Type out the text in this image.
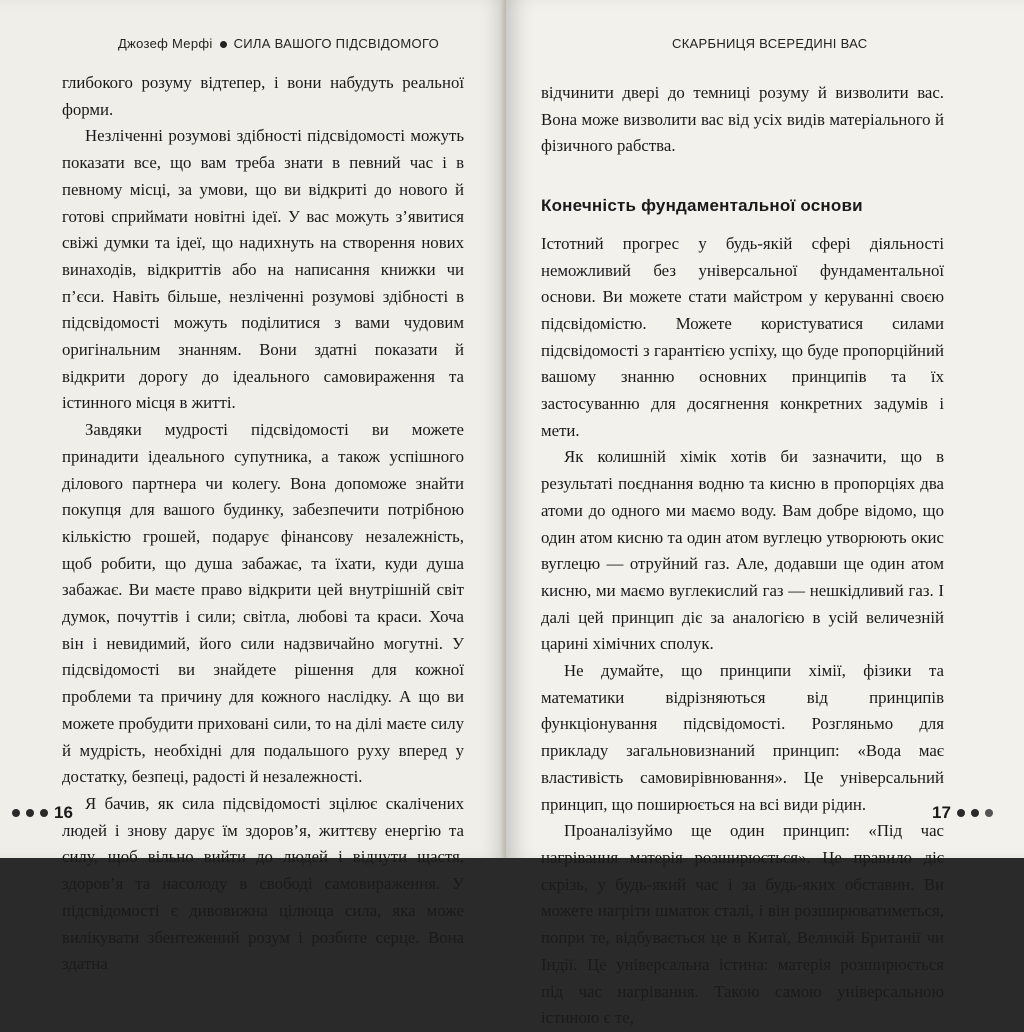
Джозеф Мерфі СИЛА ВАШОГО ПІДСВІДОМОГО

глибокого розуму відтепер, і вони набудуть реальної форми.

Незліченні розумові здібності підсвідомості можуть показати все, що вам треба знати в певний час і в певному місці, за умови, що ви відкриті до нового й готові сприймати новітні ідеї. У вас можуть з’явитися свіжі думки та ідеї, що надихнуть на створення нових винаходів, відкриттів або на написання книжки чи п’єси. Навіть більше, незліченні розумові здібності в підсвідомості можуть поділитися з вами чудовим оригінальним знанням. Вони здатні показати й відкрити дорогу до ідеального самовираження та істинного місця в житті.

Завдяки мудрості підсвідомості ви можете принадити ідеального супутника, а також успішного ділового партнера чи колегу. Вона допоможе знайти покупця для вашого будинку, забезпечити потрібною кількістю грошей, подарує фінансову незалежність, щоб робити, що душа забажає, та їхати, куди душа забажає. Ви маєте право відкрити цей внутрішній світ думок, почуттів і сили; світла, любові та краси. Хоча він і невидимий, його сили надзвичайно могутні. У підсвідомості ви знайдете рішення для кожної проблеми та причину для кожного наслідку. А що ви можете пробудити приховані сили, то на ділі маєте силу й мудрість, необхідні для подальшого руху вперед у достатку, безпеці, радості й незалежності.

Я бачив, як сила підсвідомості зцілює скалічених людей і знову дарує їм здоров’я, життєву енергію та силу, щоб вільно вийти до людей і відчути щастя, здоров’я та насолоду в свободі самовираження. У підсвідомості є дивовижна цілюща сила, яка може вилікувати збентежений розум і розбите серце. Вона здатна

16
СКАРБНИЦЯ ВСЕРЕДИНІ ВАС

відчинити двері до темниці розуму й визволити вас. Вона може визволити вас від усіх видів матеріального й фізичного рабства.

Конечність фундаментальної основи

Істотний прогрес у будь-якій сфері діяльності неможливий без універсальної фундаментальної основи. Ви можете стати майстром у керуванні своєю підсвідомістю. Можете користуватися силами підсвідомості з гарантією успіху, що буде пропорційний вашому знанню основних принципів та їх застосуванню для досягнення конкретних задумів і мети.

Як колишній хімік хотів би зазначити, що в результаті поєднання водню та кисню в пропорціях два атоми до одного ми маємо воду. Вам добре відомо, що один атом кисню та один атом вуглецю утворюють окис вуглецю — отруйний газ. Але, додавши ще один атом кисню, ми маємо вуглекислий газ — нешкідливий газ. І далі цей принцип діє за аналогією в усій величезній царині хімічних сполук.

Не думайте, що принципи хімії, фізики та математики відрізняються від принципів функціонування підсвідомості. Розгляньмо для прикладу загальновизнаний принцип: «Вода має властивість самовирівнювання». Це універсальний принцип, що поширюється на всі види рідин.

Проаналізуймо ще один принцип: «Під час нагрівання матерія розширюється». Це правило діє скрізь, у будь-який час і за будь-яких обставин. Ви можете нагріти шматок сталі, і він розширюватиметься, попри те, відбувається це в Китаї, Великій Британії чи Індії. Це універсальна істина: матерія розширюється під час нагрівання. Такою самою універсальною істиною є те,

17
